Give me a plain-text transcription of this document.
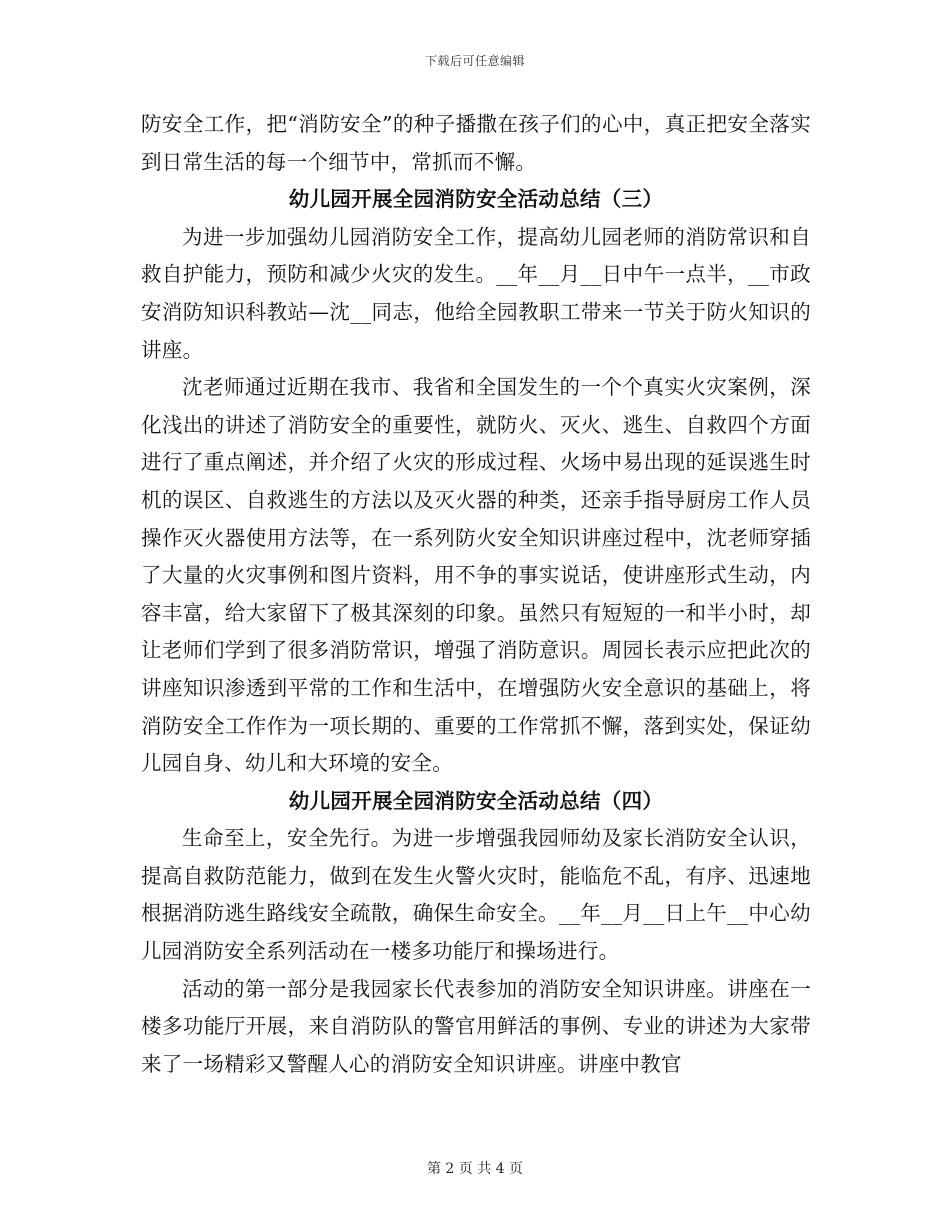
下载后可任意编辑

防安全工作，把“消防安全”的种子播撒在孩子们的心中，真正把安全落实到日常生活的每一个细节中，常抓而不懈。

幼儿园开展全园消防安全活动总结（三）

为进一步加强幼儿园消防安全工作，提高幼儿园老师的消防常识和自救自护能力，预防和减少火灾的发生。__年__月__日中午一点半，__市政安消防知识科教站—沈__同志，他给全园教职工带来一节关于防火知识的讲座。

沈老师通过近期在我市、我省和全国发生的一个个真实火灾案例，深化浅出的讲述了消防安全的重要性，就防火、灭火、逃生、自救四个方面进行了重点阐述，并介绍了火灾的形成过程、火场中易出现的延误逃生时机的误区、自救逃生的方法以及灭火器的种类，还亲手指导厨房工作人员操作灭火器使用方法等，在一系列防火安全知识讲座过程中，沈老师穿插了大量的火灾事例和图片资料，用不争的事实说话，使讲座形式生动，内容丰富，给大家留下了极其深刻的印象。虽然只有短短的一和半小时，却让老师们学到了很多消防常识，增强了消防意识。周园长表示应把此次的讲座知识渗透到平常的工作和生活中，在增强防火安全意识的基础上，将消防安全工作作为一项长期的、重要的工作常抓不懈，落到实处，保证幼儿园自身、幼儿和大环境的安全。

幼儿园开展全园消防安全活动总结（四）

生命至上，安全先行。为进一步增强我园师幼及家长消防安全认识，提高自救防范能力，做到在发生火警火灾时，能临危不乱，有序、迅速地根据消防逃生路线安全疏散，确保生命安全。__年__月__日上午__中心幼儿园消防安全系列活动在一楼多功能厅和操场进行。

活动的第一部分是我园家长代表参加的消防安全知识讲座。讲座在一楼多功能厅开展，来自消防队的警官用鲜活的事例、专业的讲述为大家带来了一场精彩又警醒人心的消防安全知识讲座。讲座中教官

第 2 页 共 4 页
